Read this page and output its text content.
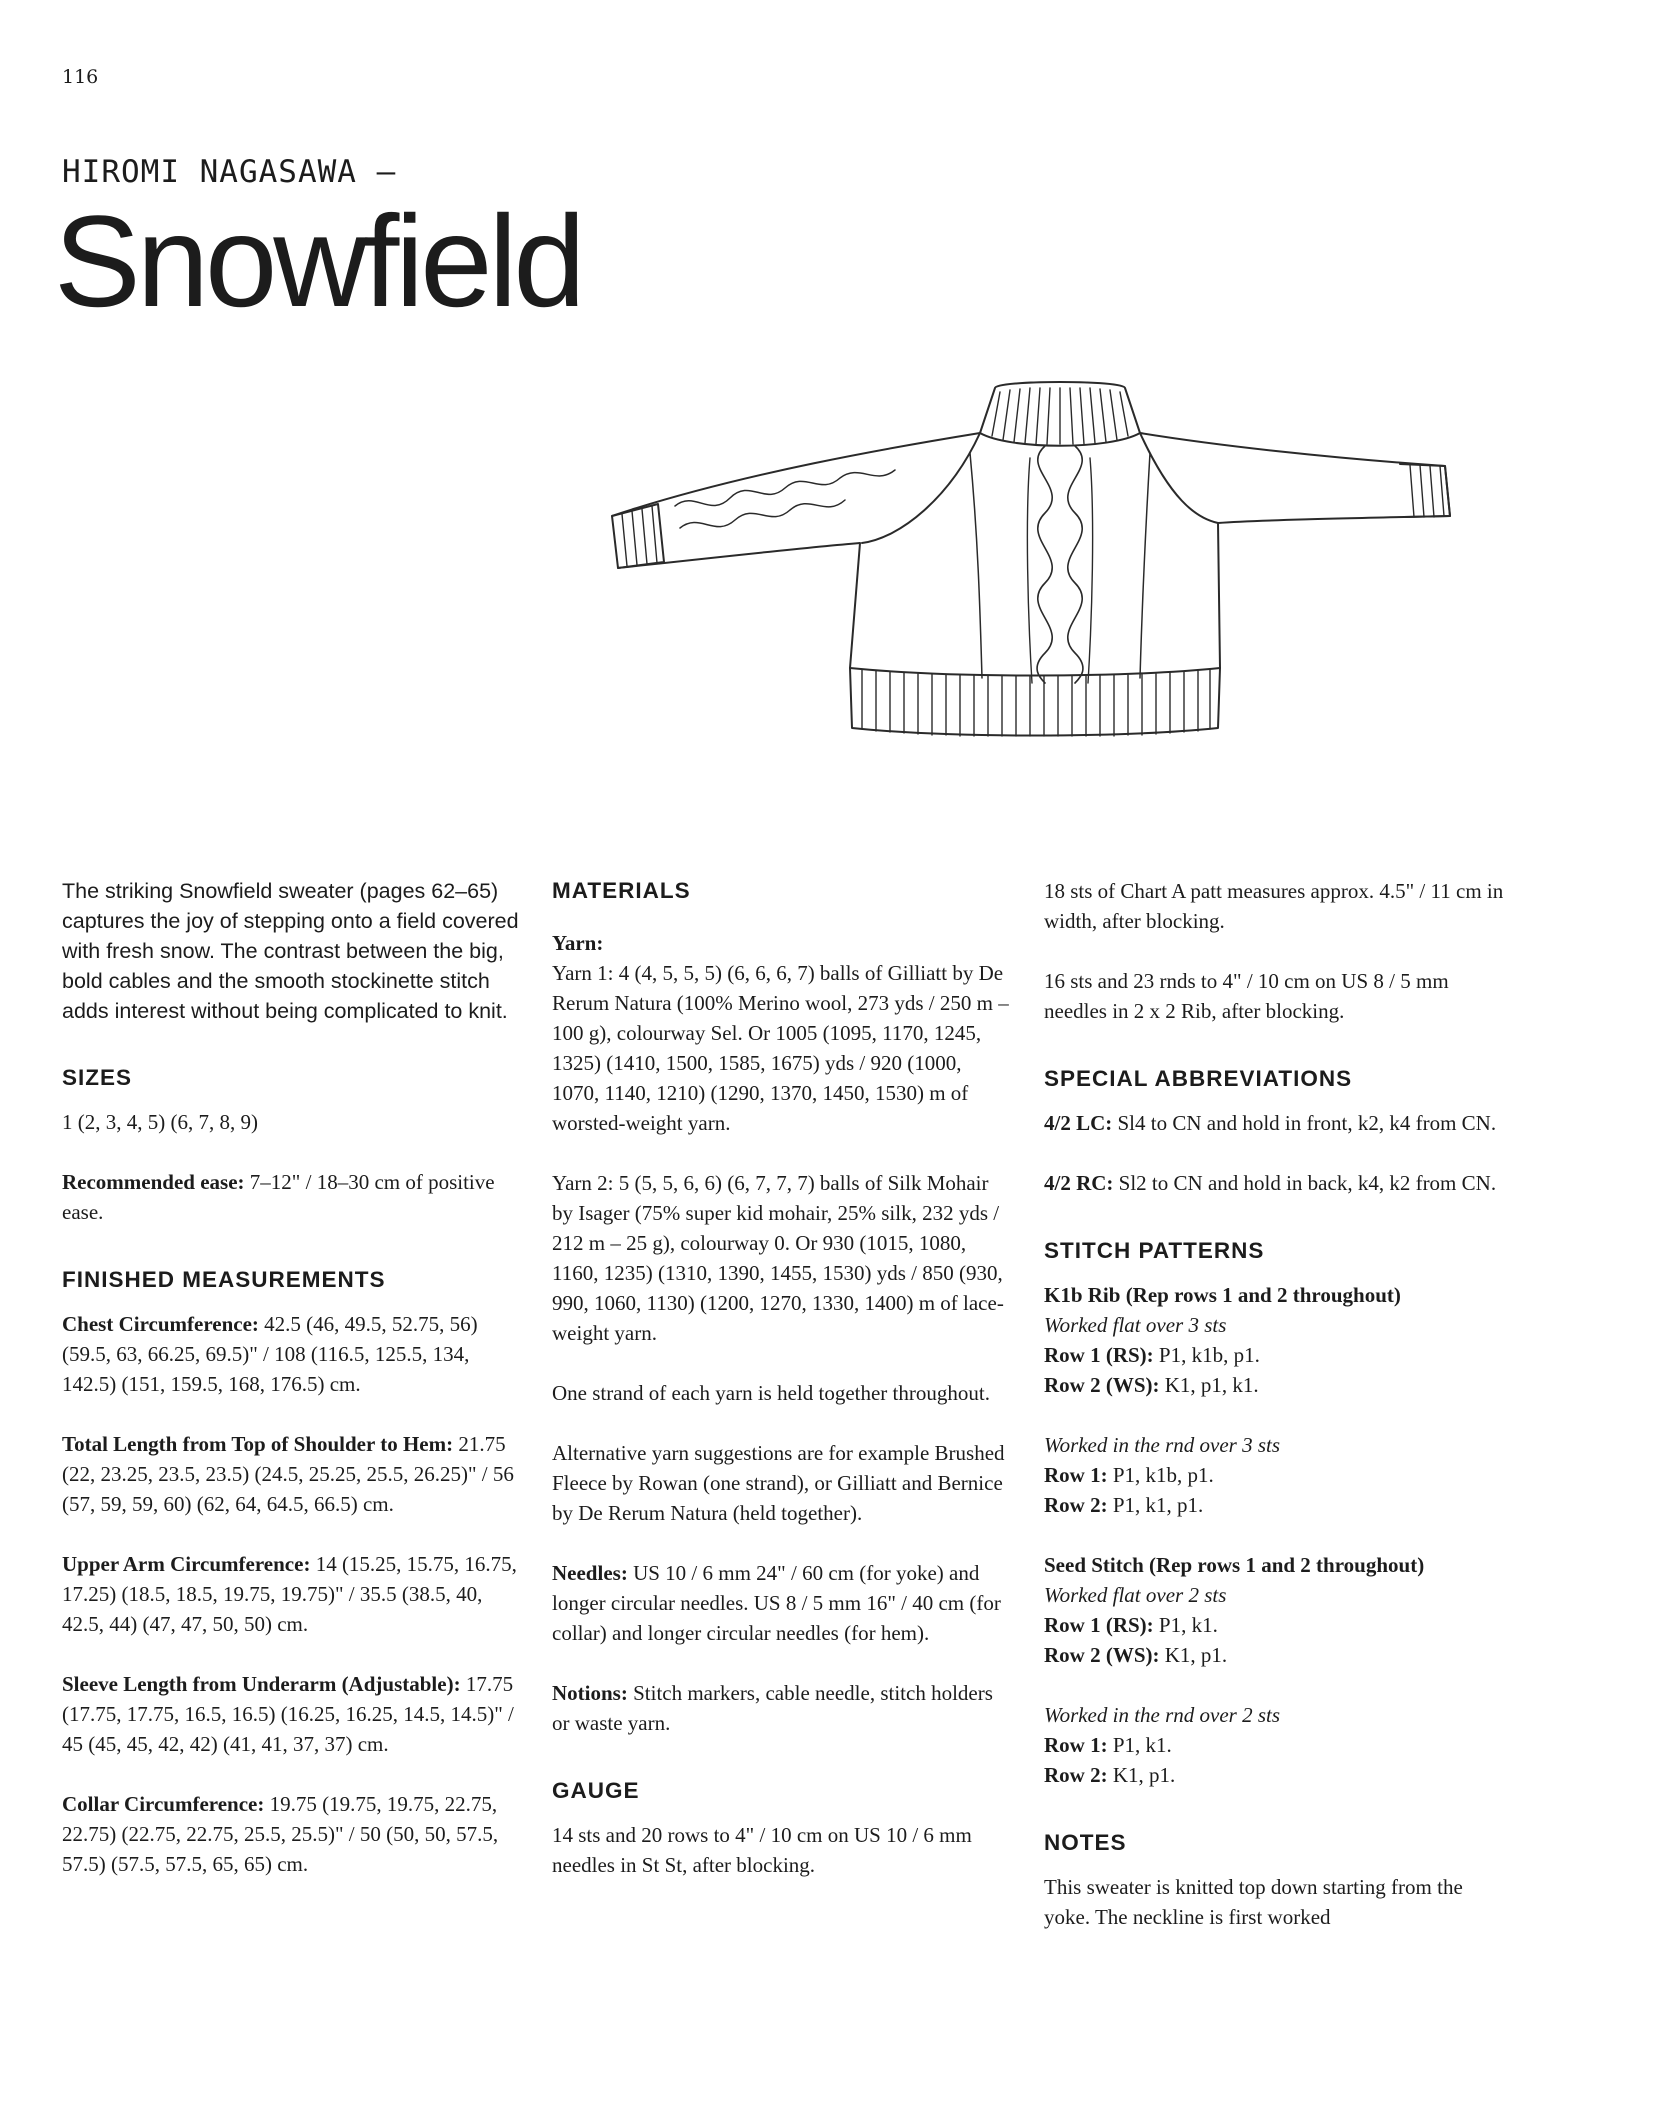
116
HIROMI NAGASAWA —
Snowfield

The striking Snowfield sweater (pages 62–65) captures the joy of stepping onto a field covered with fresh snow. The contrast between the big, bold cables and the smooth stockinette stitch adds interest without being complicated to knit.

SIZES

1 (2, 3, 4, 5) (6, 7, 8, 9)

Recommended ease: 7–12" / 18–30 cm of positive ease.

FINISHED MEASUREMENTS

Chest Circumference: 42.5 (46, 49.5, 52.75, 56) (59.5, 63, 66.25, 69.5)" / 108 (116.5, 125.5, 134, 142.5) (151, 159.5, 168, 176.5) cm.

Total Length from Top of Shoulder to Hem: 21.75 (22, 23.25, 23.5, 23.5) (24.5, 25.25, 25.5, 26.25)" / 56 (57, 59, 59, 60) (62, 64, 64.5, 66.5) cm.

Upper Arm Circumference: 14 (15.25, 15.75, 16.75, 17.25) (18.5, 18.5, 19.75, 19.75)" / 35.5 (38.5, 40, 42.5, 44) (47, 47, 50, 50) cm.

Sleeve Length from Underarm (Adjustable): 17.75 (17.75, 17.75, 16.5, 16.5) (16.25, 16.25, 14.5, 14.5)" / 45 (45, 45, 42, 42) (41, 41, 37, 37) cm.

Collar Circumference: 19.75 (19.75, 19.75, 22.75, 22.75) (22.75, 22.75, 25.5, 25.5)" / 50 (50, 50, 57.5, 57.5) (57.5, 57.5, 65, 65) cm.

MATERIALS

Yarn:
Yarn 1: 4 (4, 5, 5, 5) (6, 6, 6, 7) balls of Gilliatt by De Rerum Natura (100% Merino wool, 273 yds / 250 m – 100 g), colourway Sel. Or 1005 (1095, 1170, 1245, 1325) (1410, 1500, 1585, 1675) yds / 920 (1000, 1070, 1140, 1210) (1290, 1370, 1450, 1530) m of worsted-weight yarn.

Yarn 2: 5 (5, 5, 6, 6) (6, 7, 7, 7) balls of Silk Mohair by Isager (75% super kid mohair, 25% silk, 232 yds / 212 m – 25 g), colourway 0. Or 930 (1015, 1080, 1160, 1235) (1310, 1390, 1455, 1530) yds / 850 (930, 990, 1060, 1130) (1200, 1270, 1330, 1400) m of lace-weight yarn.

One strand of each yarn is held together throughout.

Alternative yarn suggestions are for example Brushed Fleece by Rowan (one strand), or Gilliatt and Bernice by De Rerum Natura (held together).

Needles: US 10 / 6 mm 24" / 60 cm (for yoke) and longer circular needles. US 8 / 5 mm 16" / 40 cm (for collar) and longer circular needles (for hem).

Notions: Stitch markers, cable needle, stitch holders or waste yarn.

GAUGE

14 sts and 20 rows to 4" / 10 cm on US 10 / 6 mm needles in St St, after blocking.

18 sts of Chart A patt measures approx. 4.5" / 11 cm in width, after blocking.

16 sts and 23 rnds to 4" / 10 cm on US 8 / 5 mm needles in 2 x 2 Rib, after blocking.

SPECIAL ABBREVIATIONS

4/2 LC: Sl4 to CN and hold in front, k2, k4 from CN.

4/2 RC: Sl2 to CN and hold in back, k4, k2 from CN.

STITCH PATTERNS

K1b Rib (Rep rows 1 and 2 throughout)
Worked flat over 3 sts
Row 1 (RS): P1, k1b, p1.
Row 2 (WS): K1, p1, k1.

Worked in the rnd over 3 sts
Row 1: P1, k1b, p1.
Row 2: P1, k1, p1.

Seed Stitch (Rep rows 1 and 2 throughout)
Worked flat over 2 sts
Row 1 (RS): P1, k1.
Row 2 (WS): K1, p1.

Worked in the rnd over 2 sts
Row 1: P1, k1.
Row 2: K1, p1.

NOTES

This sweater is knitted top down starting from the yoke. The neckline is first worked
